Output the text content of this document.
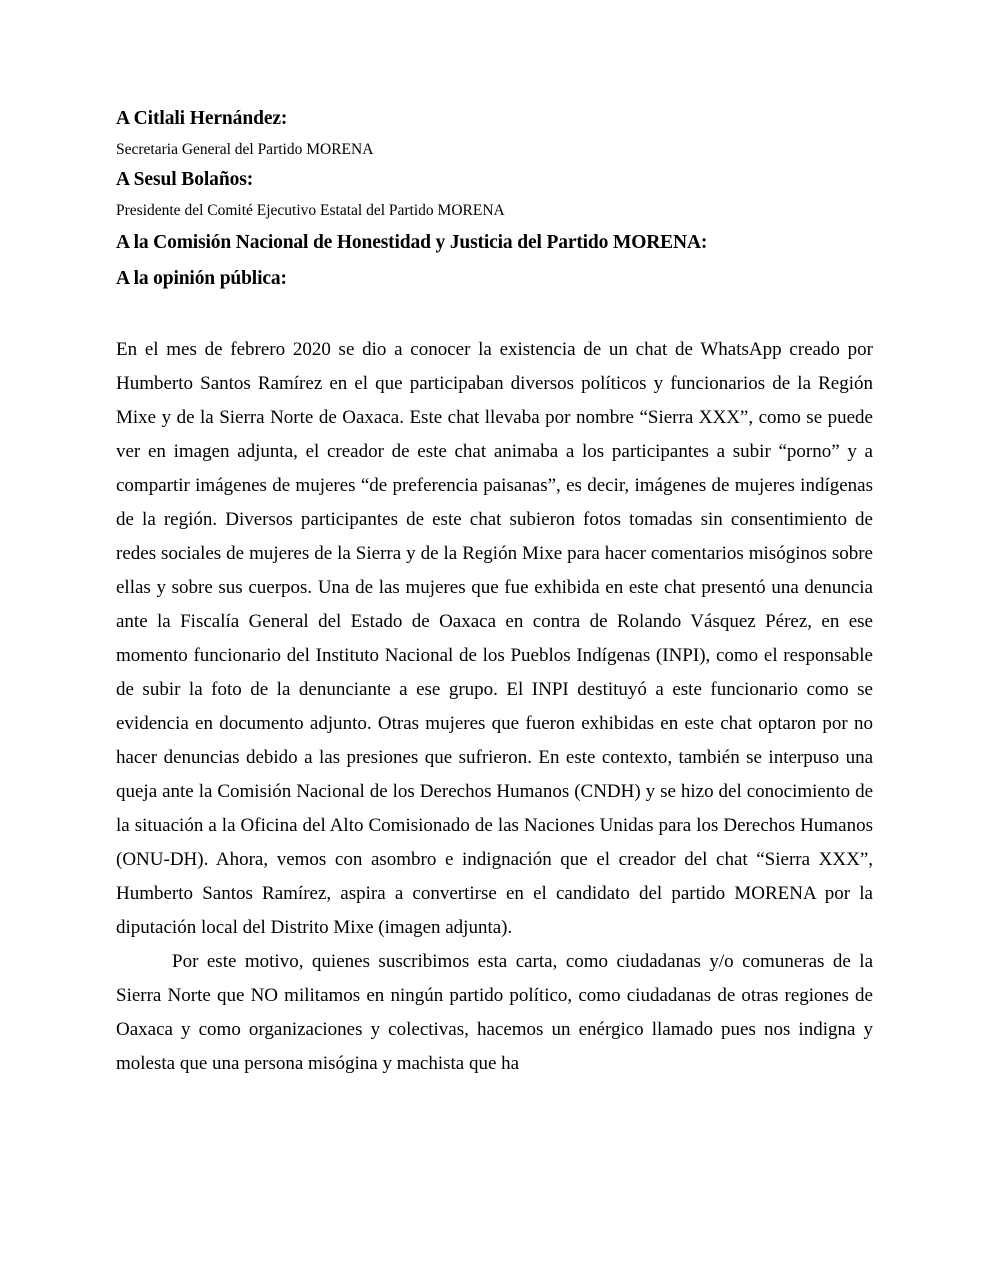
A Citlali Hernández:
Secretaria General del Partido MORENA
A Sesul Bolaños:
Presidente del Comité Ejecutivo Estatal del Partido MORENA
A la Comisión Nacional de Honestidad y Justicia del Partido MORENA:
A la opinión pública:

En el mes de febrero 2020 se dio a conocer la existencia de un chat de WhatsApp creado por Humberto Santos Ramírez en el que participaban diversos políticos y funcionarios de la Región Mixe y de la Sierra Norte de Oaxaca. Este chat llevaba por nombre “Sierra XXX”, como se puede ver en imagen adjunta, el creador de este chat animaba a los participantes a subir “porno” y a compartir imágenes de mujeres “de preferencia paisanas”, es decir, imágenes de mujeres indígenas de la región. Diversos participantes de este chat subieron fotos tomadas sin consentimiento de redes sociales de mujeres de la Sierra y de la Región Mixe para hacer comentarios misóginos sobre ellas y sobre sus cuerpos. Una de las mujeres que fue exhibida en este chat presentó una denuncia ante la Fiscalía General del Estado de Oaxaca en contra de Rolando Vásquez Pérez, en ese momento funcionario del Instituto Nacional de los Pueblos Indígenas (INPI), como el responsable de subir la foto de la denunciante a ese grupo. El INPI destituyó a este funcionario como se evidencia en documento adjunto. Otras mujeres que fueron exhibidas en este chat optaron por no hacer denuncias debido a las presiones que sufrieron. En este contexto, también se interpuso una queja ante la Comisión Nacional de los Derechos Humanos (CNDH) y se hizo del conocimiento de la situación a la Oficina del Alto Comisionado de las Naciones Unidas para los Derechos Humanos (ONU-DH). Ahora, vemos con asombro e indignación que el creador del chat “Sierra XXX”, Humberto Santos Ramírez, aspira a convertirse en el candidato del partido MORENA por la diputación local del Distrito Mixe (imagen adjunta).

Por este motivo, quienes suscribimos esta carta, como ciudadanas y/o comuneras de la Sierra Norte que NO militamos en ningún partido político, como ciudadanas de otras regiones de Oaxaca y como organizaciones y colectivas, hacemos un enérgico llamado pues nos indigna y molesta que una persona misógina y machista que ha
